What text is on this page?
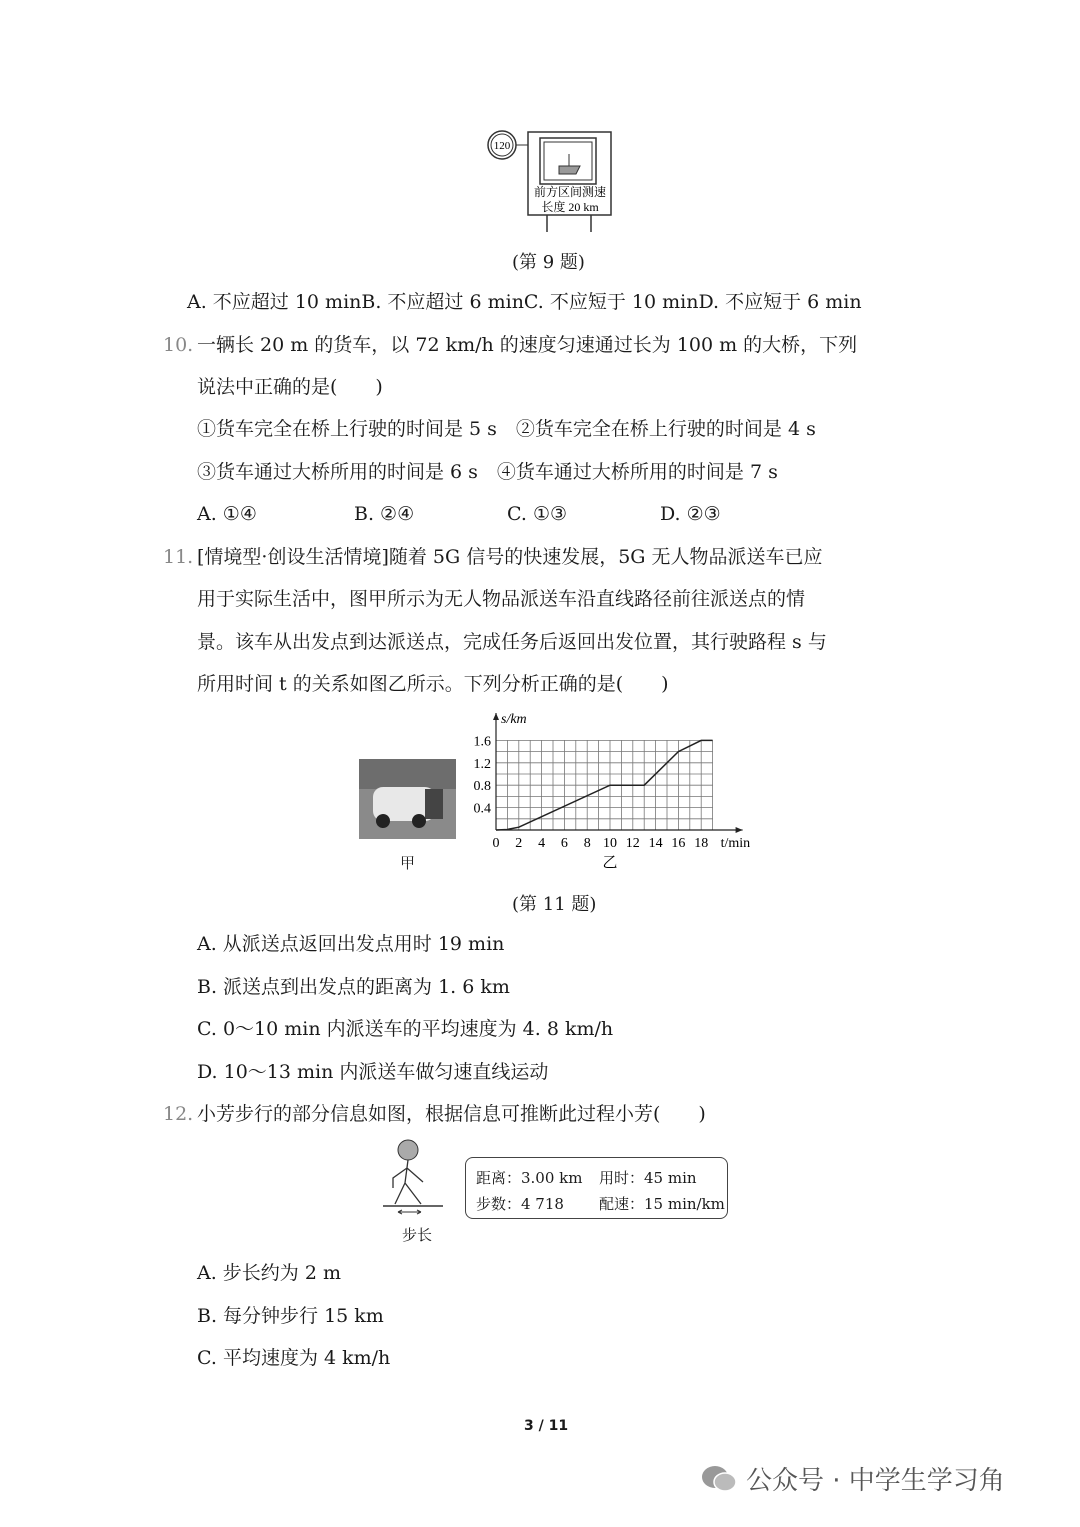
120
前方区间测速
长度 20 km
(第 9 题)
A. 不应超过 10 minB. 不应超过 6 minC. 不应短于 10 minD. 不应短于 6 min
10. 一辆长 20 m 的货车，以 72 km/h 的速度匀速通过长为 100 m 的大桥，下列
说法中正确的是(　　)
①货车完全在桥上行驶的时间是 5 s　②货车完全在桥上行驶的时间是 4 s
③货车通过大桥所用的时间是 6 s　④货车通过大桥所用的时间是 7 s
A. ①④	B. ②④	C. ①③	D. ②③
11. [情境型·创设生活情境]随着 5G 信号的快速发展，5G 无人物品派送车已应
用于实际生活中，图甲所示为无人物品派送车沿直线路径前往派送点的情
景。该车从出发点到达派送点，完成任务后返回出发位置，其行驶路程 s 与
所用时间 t 的关系如图乙所示。下列分析正确的是(　　)
甲
0 2 4 6 8 10 12 14 16 18
0.4
0.8
1.2
1.6
s/km
t/min
乙
(第 11 题)
A. 从派送点返回出发点用时 19 min
B. 派送点到出发点的距离为 1. 6 km
C. 0～10 min 内派送车的平均速度为 4. 8 km/h
D. 10～13 min 内派送车做匀速直线运动
12. 小芳步行的部分信息如图，根据信息可推断此过程小芳(　　)
步长
距离：3.00 km 用时：45 min
步数：4 718 配速：15 min/km
A. 步长约为 2 m
B. 每分钟步行 15 km
C. 平均速度为 4 km/h
3 / 11
公众号 · 中学生学习角
